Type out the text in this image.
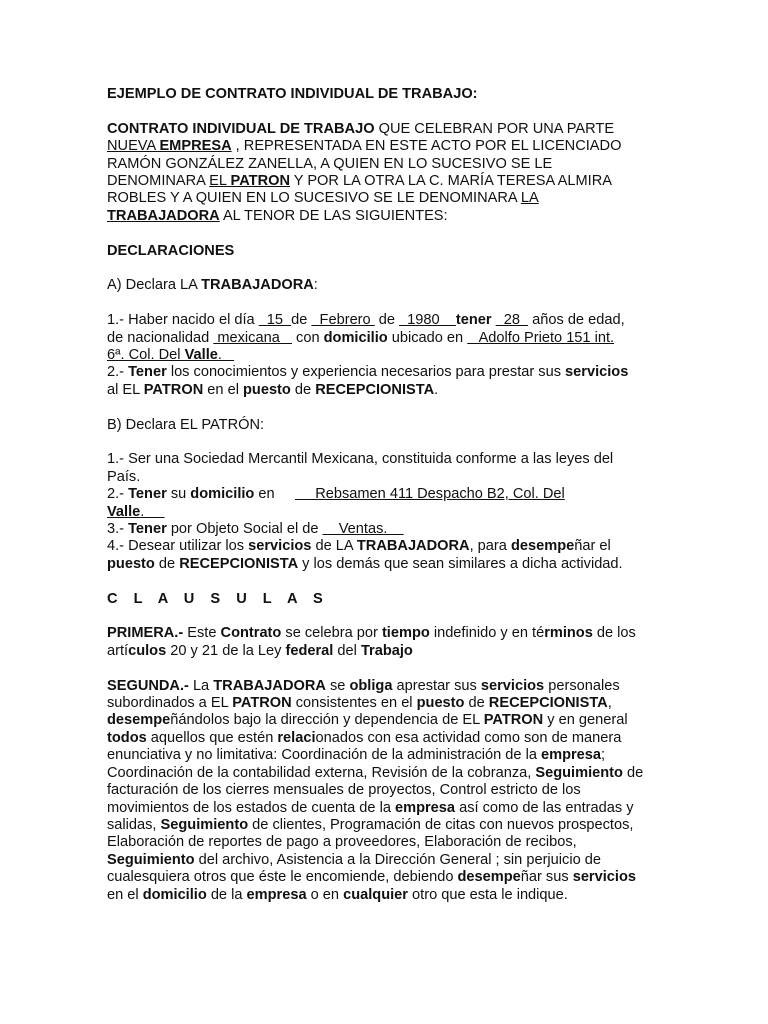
EJEMPLO DE CONTRATO INDIVIDUAL DE TRABAJO:

CONTRATO INDIVIDUAL DE TRABAJO QUE CELEBRAN POR UNA PARTE
NUEVA EMPRESA , REPRESENTADA EN ESTE ACTO POR EL LICENCIADO
RAMÓN GONZÁLEZ ZANELLA, A QUIEN EN LO SUCESIVO SE LE
DENOMINARA EL PATRON Y POR LA OTRA LA C. MARÍA TERESA ALMIRA
ROBLES Y A QUIEN EN LO SUCESIVO SE LE DENOMINARA LA
TRABAJADORA AL TENOR DE LAS SIGUIENTES:

DECLARACIONES

A) Declara LA TRABAJADORA:

1.- Haber nacido el día   15  de   Febrero  de   1980    tener   28   años de edad,
de nacionalidad  mexicana    con domicilio ubicado en    Adolfo Prieto 151 int.
6ª. Col. Del Valle.
2.- Tener los conocimientos y experiencia necesarios para prestar sus servicios
al EL PATRON en el puesto de RECEPCIONISTA.

B) Declara EL PATRÓN:

1.- Ser una Sociedad Mercantil Mexicana, constituida conforme a las leyes del
País.
2.- Tener su domicilio en          Rebsamen 411 Despacho B2, Col. Del
Valle.
3.- Tener por Objeto Social el de     Ventas.
4.- Desear utilizar los servicios de LA TRABAJADORA, para desempeñar el
puesto de RECEPCIONISTA y los demás que sean similares a dicha actividad.

C L A U S U L A S

PRIMERA.- Este Contrato se celebra por tiempo indefinido y en términos de los
artículos 20 y 21 de la Ley federal del Trabajo

SEGUNDA.- La TRABAJADORA se obliga aprestar sus servicios personales
subordinados a EL PATRON consistentes en el puesto de RECEPCIONISTA,
desempeñándolos bajo la dirección y dependencia de EL PATRON y en general
todos aquellos que estén relacionados con esa actividad como son de manera
enunciativa y no limitativa: Coordinación de la administración de la empresa;
Coordinación de la contabilidad externa, Revisión de la cobranza, Seguimiento de
facturación de los cierres mensuales de proyectos, Control estricto de los
movimientos de los estados de cuenta de la empresa así como de las entradas y
salidas, Seguimiento de clientes, Programación de citas con nuevos prospectos,
Elaboración de reportes de pago a proveedores, Elaboración de recibos,
Seguimiento del archivo, Asistencia a la Dirección General ; sin perjuicio de
cualesquiera otros que éste le encomiende, debiendo desempeñar sus servicios
en el domicilio de la empresa o en cualquier otro que esta le indique.
